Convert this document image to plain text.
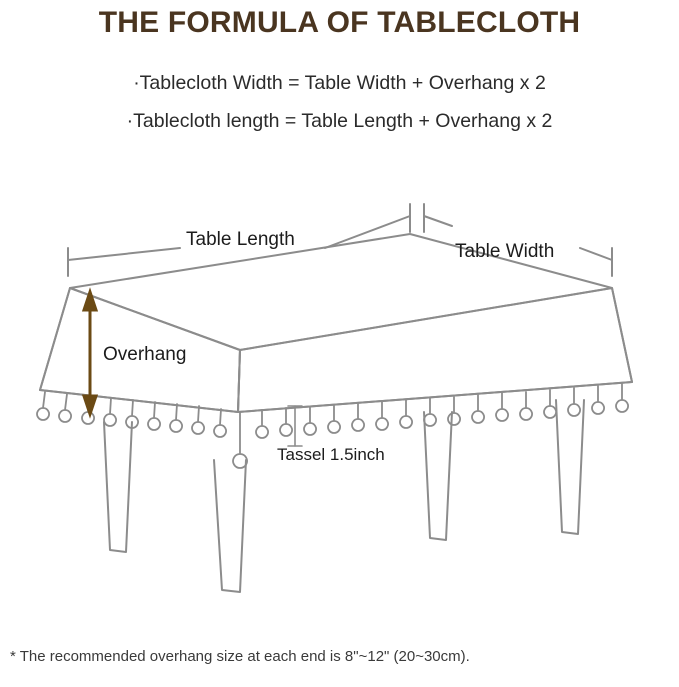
THE FORMULA OF TABLECLOTH
·Tablecloth Width = Table Width + Overhang x 2
·Tablecloth length = Table Length + Overhang x 2
Table Length
Table Width
Overhang
Tassel 1.5inch
* The recommended overhang size at each end is 8"~12" (20~30cm).
